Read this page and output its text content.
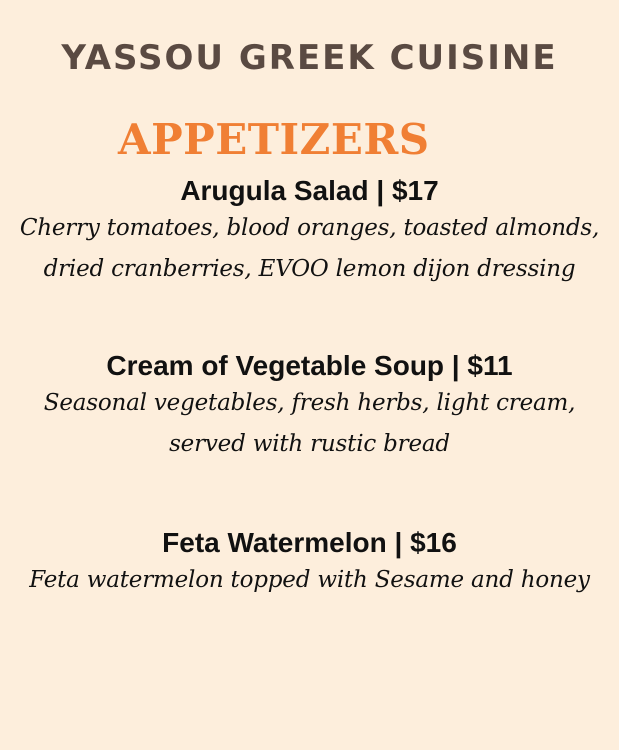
YASSOU GREEK CUISINE
APPETIZERS
Arugula Salad | $17
Cherry tomatoes, blood oranges, toasted almonds,
dried cranberries, EVOO lemon dijon dressing
Cream of Vegetable Soup | $11
Seasonal vegetables, fresh herbs, light cream,
served with rustic bread
Feta Watermelon | $16
Feta watermelon topped with Sesame and honey
